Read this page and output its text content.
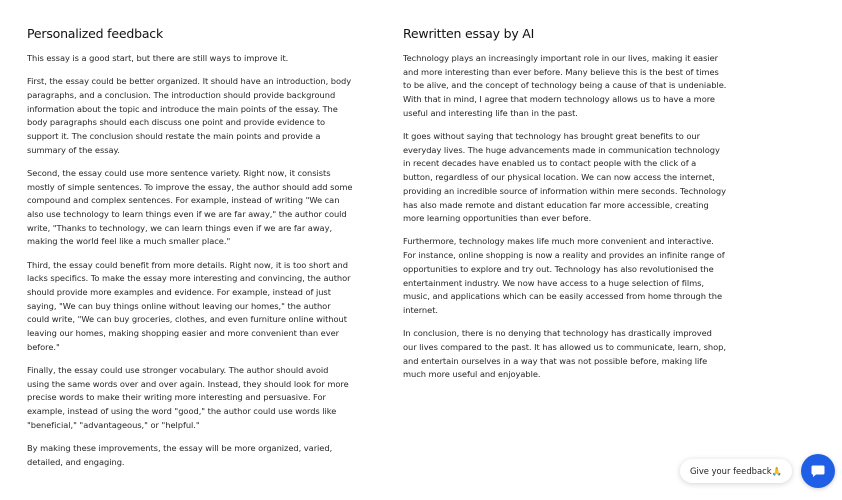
Personalized feedback

This essay is a good start, but there are still ways to improve it.

First, the essay could be better organized. It should have an introduction, body paragraphs, and a conclusion. The introduction should provide background information about the topic and introduce the main points of the essay. The body paragraphs should each discuss one point and provide evidence to support it. The conclusion should restate the main points and provide a summary of the essay.

Second, the essay could use more sentence variety. Right now, it consists mostly of simple sentences. To improve the essay, the author should add some compound and complex sentences. For example, instead of writing "We can also use technology to learn things even if we are far away," the author could write, "Thanks to technology, we can learn things even if we are far away, making the world feel like a much smaller place."

Third, the essay could benefit from more details. Right now, it is too short and lacks specifics. To make the essay more interesting and convincing, the author should provide more examples and evidence. For example, instead of just saying, "We can buy things online without leaving our homes," the author could write, "We can buy groceries, clothes, and even furniture online without leaving our homes, making shopping easier and more convenient than ever before."

Finally, the essay could use stronger vocabulary. The author should avoid using the same words over and over again. Instead, they should look for more precise words to make their writing more interesting and persuasive. For example, instead of using the word "good," the author could use words like "beneficial," "advantageous," or "helpful."

By making these improvements, the essay will be more organized, varied, detailed, and engaging.

Rewritten essay by AI

Technology plays an increasingly important role in our lives, making it easier and more interesting than ever before. Many believe this is the best of times to be alive, and the concept of technology being a cause of that is undeniable. With that in mind, I agree that modern technology allows us to have a more useful and interesting life than in the past.

It goes without saying that technology has brought great benefits to our everyday lives. The huge advancements made in communication technology in recent decades have enabled us to contact people with the click of a button, regardless of our physical location. We can now access the internet, providing an incredible source of information within mere seconds. Technology has also made remote and distant education far more accessible, creating more learning opportunities than ever before.

Furthermore, technology makes life much more convenient and interactive. For instance, online shopping is now a reality and provides an infinite range of opportunities to explore and try out. Technology has also revolutionised the entertainment industry. We now have access to a huge selection of films, music, and applications which can be easily accessed from home through the internet.

In conclusion, there is no denying that technology has drastically improved our lives compared to the past. It has allowed us to communicate, learn, shop, and entertain ourselves in a way that was not possible before, making life much more useful and enjoyable.

Give your feedback🙏
